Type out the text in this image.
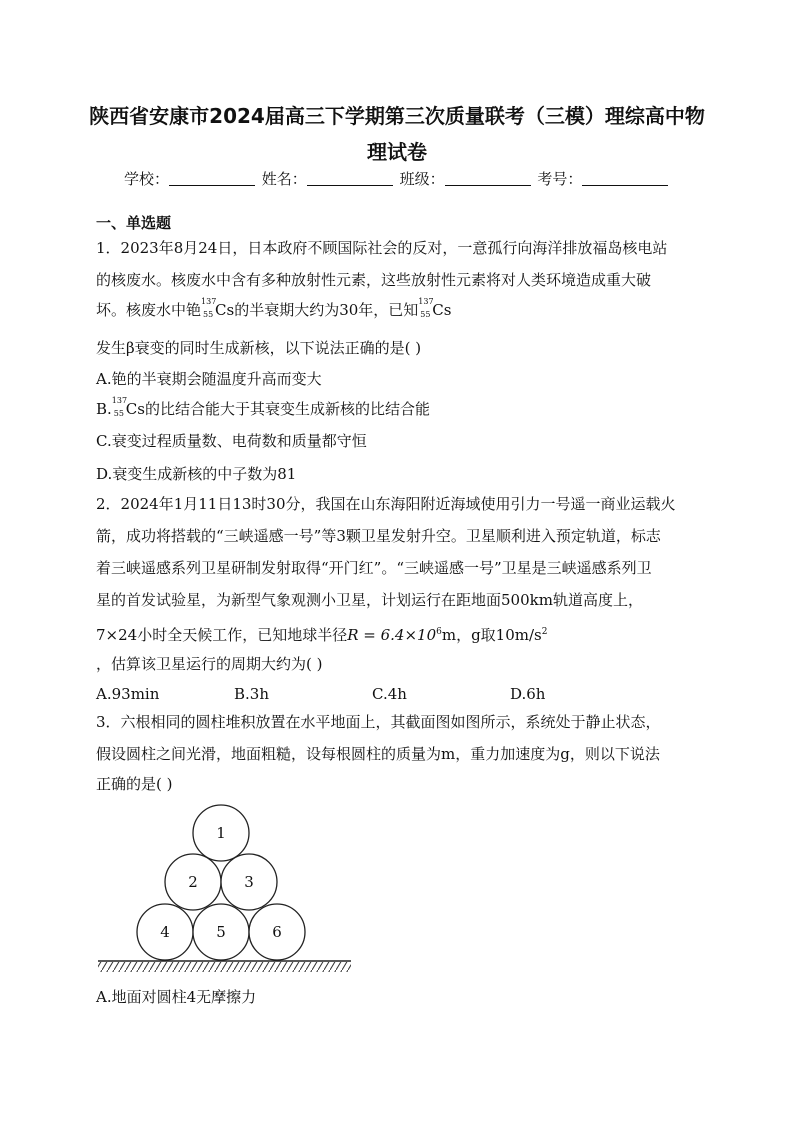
陕西省安康市2024届高三下学期第三次质量联考（三模）理综高中物
理试卷
学校：	姓名：	班级：	考号：
一、单选题
1．2023年8月24日，日本政府不顾国际社会的反对，一意孤行向海洋排放福岛核电站
的核废水。核废水中含有多种放射性元素，这些放射性元素将对人类环境造成重大破
坏。核废水中铯 137
55 Cs的半衰期大约为30年，已知 137
55 Cs
发生β衰变的同时生成新核，以下说法正确的是( )
A.铯的半衰期会随温度升高而变大
B. 137
55 Cs的比结合能大于其衰变生成新核的比结合能
C.衰变过程质量数、电荷数和质量都守恒
D.衰变生成新核的中子数为81
2．2024年1月11日13时30分，我国在山东海阳附近海域使用引力一号遥一商业运载火
箭，成功将搭载的“三峡遥感一号”等3颗卫星发射升空。卫星顺利进入预定轨道，标志
着三峡遥感系列卫星研制发射取得“开门红”。“三峡遥感一号”卫星是三峡遥感系列卫
星的首发试验星，为新型气象观测小卫星，计划运行在距地面500km轨道高度上，
7×24小时全天候工作，已知地球半径$R = 6.4\times 10^6m$，g取$10m/s^2$
，估算该卫星运行的周期大约为( )
A.93min	B.3h	C.4h	D.6h
3．六根相同的圆柱堆积放置在水平地面上，其截面图如图所示，系统处于静止状态，
假设圆柱之间光滑，地面粗糙，设每根圆柱的质量为m，重力加速度为g，则以下说法
正确的是( )
1
2	3
4	5	6
A.地面对圆柱4无摩擦力
